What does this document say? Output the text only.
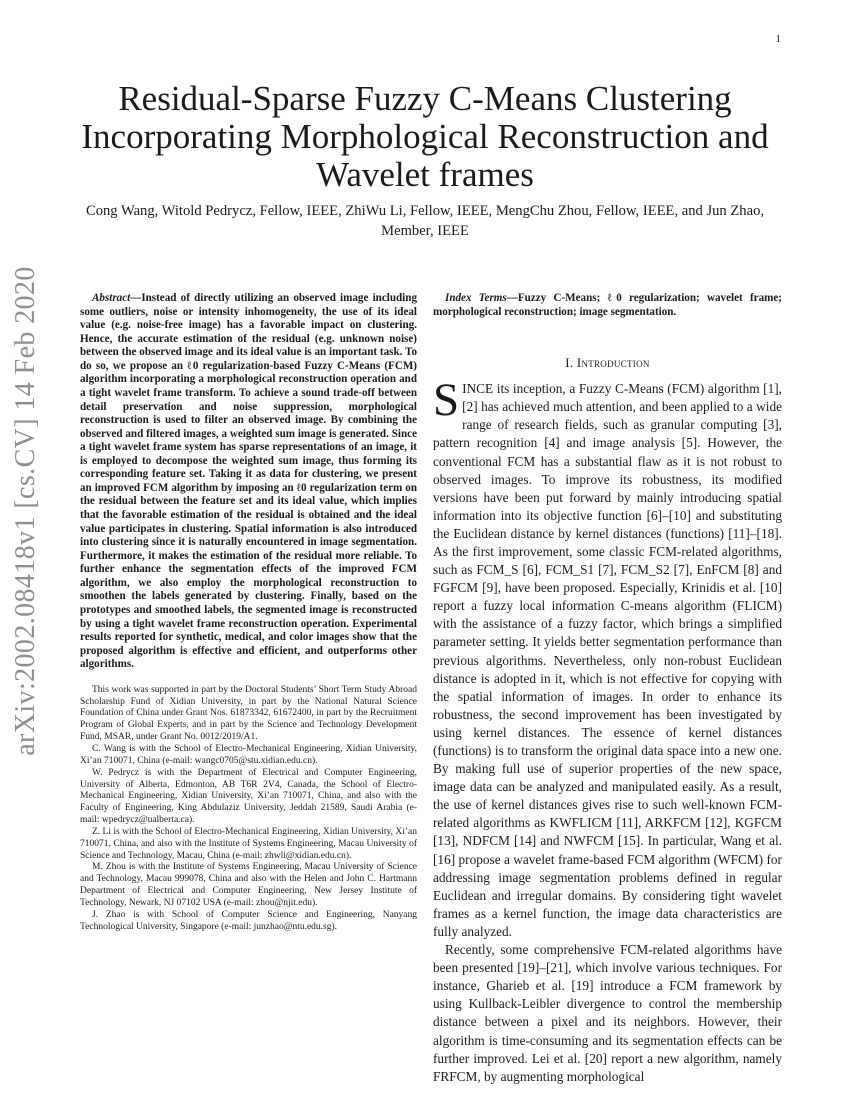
1
arXiv:2002.08418v1 [cs.CV] 14 Feb 2020
Residual-Sparse Fuzzy C-Means Clustering Incorporating Morphological Reconstruction and Wavelet frames
Cong Wang, Witold Pedrycz, Fellow, IEEE, ZhiWu Li, Fellow, IEEE, MengChu Zhou, Fellow, IEEE, and Jun Zhao, Member, IEEE

Abstract—Instead of directly utilizing an observed image including some outliers, noise or intensity inhomogeneity, the use of its ideal value (e.g. noise-free image) has a favorable impact on clustering. Hence, the accurate estimation of the residual (e.g. unknown noise) between the observed image and its ideal value is an important task. To do so, we propose an ℓ0 regularization-based Fuzzy C-Means (FCM) algorithm incorporating a morphological reconstruction operation and a tight wavelet frame transform. To achieve a sound trade-off between detail preservation and noise suppression, morphological reconstruction is used to filter an observed image. By combining the observed and filtered images, a weighted sum image is generated. Since a tight wavelet frame system has sparse representations of an image, it is employed to decompose the weighted sum image, thus forming its corresponding feature set. Taking it as data for clustering, we present an improved FCM algorithm by imposing an ℓ0 regularization term on the residual between the feature set and its ideal value, which implies that the favorable estimation of the residual is obtained and the ideal value participates in clustering. Spatial information is also introduced into clustering since it is naturally encountered in image segmentation. Furthermore, it makes the estimation of the residual more reliable. To further enhance the segmentation effects of the improved FCM algorithm, we also employ the morphological reconstruction to smoothen the labels generated by clustering. Finally, based on the prototypes and smoothed labels, the segmented image is reconstructed by using a tight wavelet frame reconstruction operation. Experimental results reported for synthetic, medical, and color images show that the proposed algorithm is effective and efficient, and outperforms other algorithms.

This work was supported in part by the Doctoral Students’ Short Term Study Abroad Scholarship Fund of Xidian University, in part by the National Natural Science Foundation of China under Grant Nos. 61873342, 61672400, in part by the Recruitment Program of Global Experts, and in part by the Science and Technology Development Fund, MSAR, under Grant No. 0012/2019/A1.

C. Wang is with the School of Electro-Mechanical Engineering, Xidian University, Xi’an 710071, China (e-mail: wangc0705@stu.xidian.edu.cn).

W. Pedrycz is with the Department of Electrical and Computer Engineering, University of Alberta, Edmonton, AB T6R 2V4, Canada, the School of Electro-Mechanical Engineering, Xidian University, Xi’an 710071, China, and also with the Faculty of Engineering, King Abdulaziz University, Jeddah 21589, Saudi Arabia (e-mail: wpedrycz@ualberta.ca).

Z. Li is with the School of Electro-Mechanical Engineering, Xidian University, Xi’an 710071, China, and also with the Institute of Systems Engineering, Macau University of Science and Technology, Macau, China (e-mail: zhwli@xidian.edu.cn).

M. Zhou is with the Institute of Systems Engineering, Macau University of Science and Technology, Macau 999078, China and also with the Helen and John C. Hartmann Department of Electrical and Computer Engineering, New Jersey Institute of Technology, Newark, NJ 07102 USA (e-mail: zhou@njit.edu).

J. Zhao is with School of Computer Science and Engineering, Nanyang Technological University, Singapore (e-mail: junzhao@ntu.edu.sg).

Index Terms—Fuzzy C-Means; ℓ0 regularization; wavelet frame; morphological reconstruction; image segmentation.

I. Introduction

SINCE its inception, a Fuzzy C-Means (FCM) algorithm [1], [2] has achieved much attention, and been applied to a wide range of research fields, such as granular computing [3], pattern recognition [4] and image analysis [5]. However, the conventional FCM has a substantial flaw as it is not robust to observed images. To improve its robustness, its modified versions have been put forward by mainly introducing spatial information into its objective function [6]–[10] and substituting the Euclidean distance by kernel distances (functions) [11]–[18]. As the first improvement, some classic FCM-related algorithms, such as FCM_S [6], FCM_S1 [7], FCM_S2 [7], EnFCM [8] and FGFCM [9], have been proposed. Especially, Krinidis et al. [10] report a fuzzy local information C-means algorithm (FLICM) with the assistance of a fuzzy factor, which brings a simplified parameter setting. It yields better segmentation performance than previous algorithms. Nevertheless, only non-robust Euclidean distance is adopted in it, which is not effective for copying with the spatial information of images. In order to enhance its robustness, the second improvement has been investigated by using kernel distances. The essence of kernel distances (functions) is to transform the original data space into a new one. By making full use of superior properties of the new space, image data can be analyzed and manipulated easily. As a result, the use of kernel distances gives rise to such well-known FCM-related algorithms as KWFLICM [11], ARKFCM [12], KGFCM [13], NDFCM [14] and NWFCM [15]. In particular, Wang et al. [16] propose a wavelet frame-based FCM algorithm (WFCM) for addressing image segmentation problems defined in regular Euclidean and irregular domains. By considering tight wavelet frames as a kernel function, the image data characteristics are fully analyzed.

Recently, some comprehensive FCM-related algorithms have been presented [19]–[21], which involve various techniques. For instance, Gharieb et al. [19] introduce a FCM framework by using Kullback-Leibler divergence to control the membership distance between a pixel and its neighbors. However, their algorithm is time-consuming and its segmentation effects can be further improved. Lei et al. [20] report a new algorithm, namely FRFCM, by augmenting morphological
